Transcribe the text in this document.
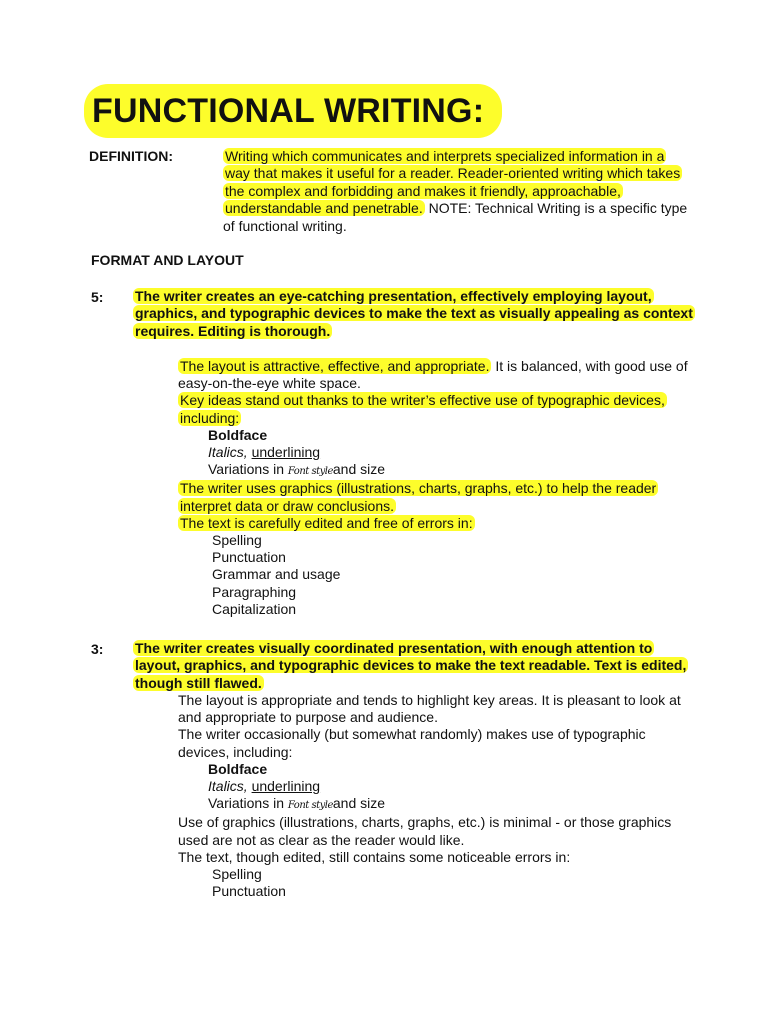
FUNCTIONAL WRITING:
DEFINITION:	Writing which communicates and interprets specialized information in a way that makes it useful for a reader. Reader-oriented writing which takes the complex and forbidding and makes it friendly, approachable, understandable and penetrable. NOTE: Technical Writing is a specific type of functional writing.
FORMAT AND LAYOUT
5: The writer creates an eye-catching presentation, effectively employing layout, graphics, and typographic devices to make the text as visually appealing as context requires. Editing is thorough.

The layout is attractive, effective, and appropriate. It is balanced, with good use of easy-on-the-eye white space.

Key ideas stand out thanks to the writer’s effective use of typographic devices, including:

Boldface

Italics, underlining

Variations in Font styleand size

The writer uses graphics (illustrations, charts, graphs, etc.) to help the reader interpret data or draw conclusions.

The text is carefully edited and free of errors in:

Spelling

Punctuation

Grammar and usage

Paragraphing

Capitalization

3: The writer creates visually coordinated presentation, with enough attention to layout, graphics, and typographic devices to make the text readable. Text is edited, though still flawed.

The layout is appropriate and tends to highlight key areas. It is pleasant to look at and appropriate to purpose and audience.

The writer occasionally (but somewhat randomly) makes use of typographic devices, including:

Boldface

Italics, underlining

Variations in Font styleand size

Use of graphics (illustrations, charts, graphs, etc.) is minimal - or those graphics used are not as clear as the reader would like.

The text, though edited, still contains some noticeable errors in:

Spelling

Punctuation
